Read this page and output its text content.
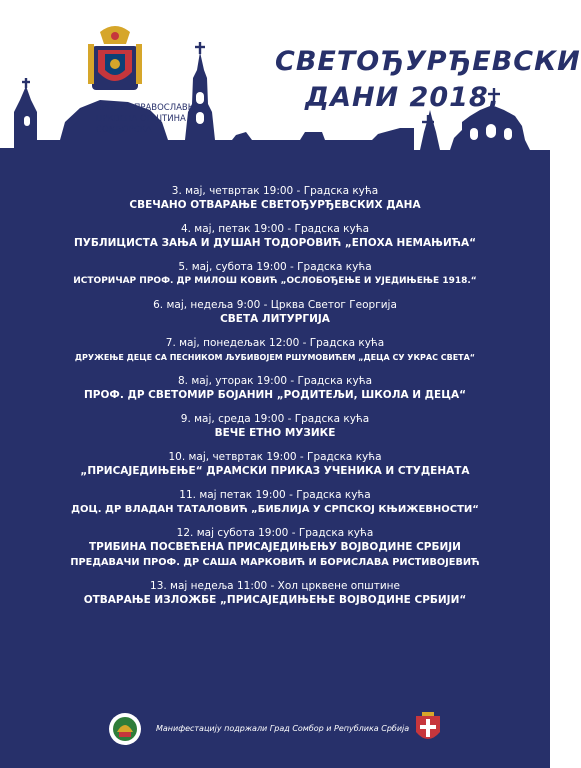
СРПСКА ПРАВОСЛАВНА
ЦРКВЕНА ОПШТИНА СОМБОРСКА
СВЕТОЂУРЂЕВСКИ
ДАНИ 2018.
3. мај, четвртак 19:00 - Градска кућа
СВЕЧАНО ОТВАРАЊЕ СВЕТОЂУРЂЕВСКИХ ДАНА
4. мај, петак 19:00 - Градска кућа
ПУБЛИЦИСТА ЗАЊА И ДУШАН ТОДОРОВИЋ „ЕПОХА НЕМАЊИЋА“
5. мај, субота 19:00 - Градска кућа
ИСТОРИЧАР ПРОФ. ДР МИЛОШ КОВИЋ „ОСЛОБОЂЕЊЕ И УЈЕДИЊЕЊЕ 1918.“
6. мај, недеља 9:00 - Црква Светог Георгија
СВЕТА ЛИТУРГИЈА
7. мај, понедељак 12:00 - Градска кућа
ДРУЖЕЊЕ ДЕЦЕ СА ПЕСНИКОМ ЉУБИВОЈЕМ РШУМОВИЋЕМ „ДЕЦА СУ УКРАС СВЕТА“
8. мај, уторак 19:00 - Градска кућа
ПРОФ. ДР СВЕТОМИР БОЈАНИН „РОДИТЕЉИ, ШКОЛА И ДЕЦА“
9. мај, среда 19:00 - Градска кућа
ВЕЧЕ ЕТНО МУЗИКЕ
10. мај, четвртак 19:00 - Градска кућа
„ПРИСАЈЕДИЊЕЊЕ“ ДРАМСКИ ПРИКАЗ УЧЕНИКА И СТУДЕНАТА
11. мај петак 19:00 - Градска кућа
ДОЦ. ДР ВЛАДАН ТАТАЛОВИЋ „БИБЛИЈА У СРПСКОЈ КЊИЖЕВНОСТИ“
12. мај субота 19:00 - Градска кућа
ТРИБИНА ПОСВЕЋЕНА ПРИСАЈЕДИЊЕЊУ ВОЈВОДИНЕ СРБИЈИ
ПРЕДАВАЧИ ПРОФ. ДР САША МАРКОВИЋ И БОРИСЛАВА РИСТИВОЈЕВИЋ
13. мај недеља 11:00 - Хол црквене општине
ОТВАРАЊЕ ИЗЛОЖБЕ „ПРИСАЈЕДИЊЕЊЕ ВОЈВОДИНЕ СРБИЈИ“
Манифестацију подржали Град Сомбор и Република Србија
